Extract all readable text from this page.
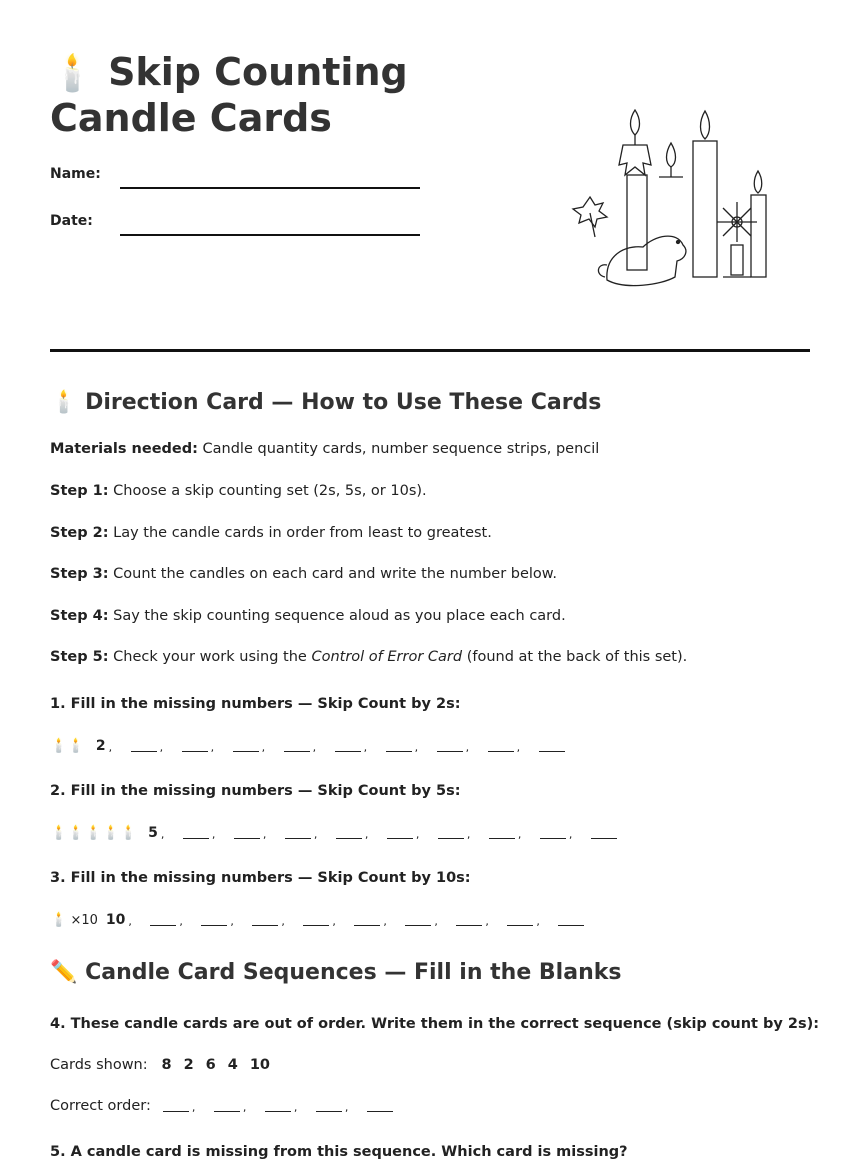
🕯️ Skip Counting
Candle Cards
Name:
Date:
🕯️ Direction Card — How to Use These Cards

Materials needed: Candle quantity cards, number sequence strips, pencil

Step 1: Choose a skip counting set (2s, 5s, or 10s).

Step 2: Lay the candle cards in order from least to greatest.

Step 3: Count the candles on each card and write the number below.

Step 4: Say the skip counting sequence aloud as you place each card.

Step 5: Check your work using the Control of Error Card (found at the back of this set).

1. Fill in the missing numbers — Skip Count by 2s:

🕯️🕯️ 2 ,	,	,	,	,	,	,	,	,

2. Fill in the missing numbers — Skip Count by 5s:

🕯️🕯️🕯️🕯️🕯️ 5 ,	,	,	,	,	,	,	,	,

3. Fill in the missing numbers — Skip Count by 10s:

🕯️ ×10 10 ,	,	,	,	,	,	,	,	,
✏️ Candle Card Sequences — Fill in the Blanks

4. These candle cards are out of order. Write them in the correct sequence (skip count by 2s):

Cards shown: 8 2 6 4 10

Correct order:	,	,	,	,

5. A candle card is missing from this sequence. Which card is missing?
